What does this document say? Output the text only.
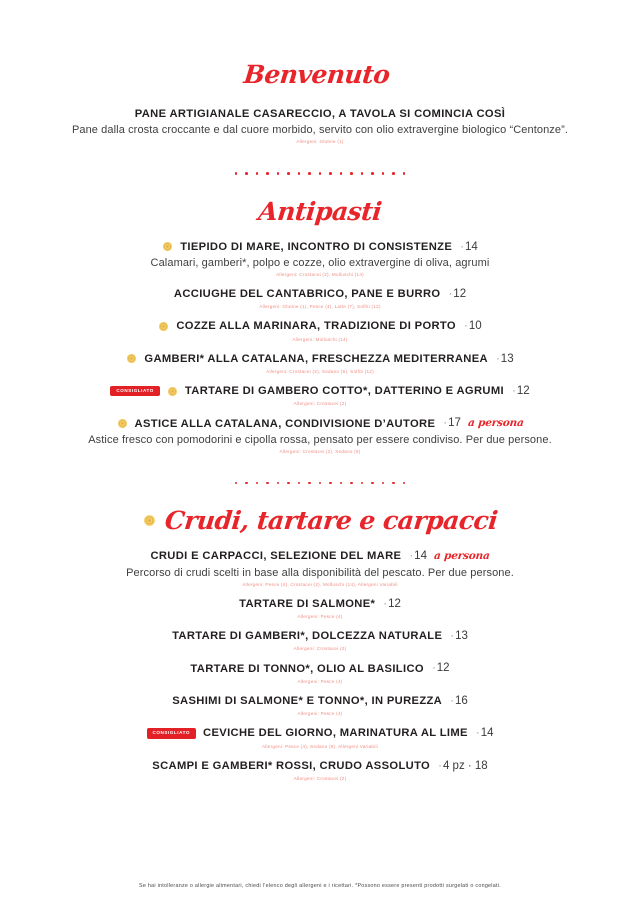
Benvenuto
PANE ARTIGIANALE CASARECCIO, A TAVOLA SI COMINCIA COSÌ
Pane dalla crosta croccante e dal cuore morbido, servito con olio extravergine biologico “Centonze”.
Allergeni: Glutine (1)
Antipasti
TIEPIDO DI MARE, INCONTRO DI CONSISTENZE ·14
Calamari, gamberi*, polpo e cozze, olio extravergine di oliva, agrumi
Allergeni: Crostacei (2), Molluschi (14)
ACCIUGHE DEL CANTABRICO, PANE E BURRO ·12
Allergeni: Glutine (1), Pesce (4), Latte (7), Solfiti (12)
COZZE ALLA MARINARA, TRADIZIONE DI PORTO ·10
Allergeni: Molluschi (14)
GAMBERI* ALLA CATALANA, FRESCHEZZA MEDITERRANEA ·13
Allergeni: Crostacei (2), Sedano (9), Solfiti (12)
CONSIGLIATO	TARTARE DI GAMBERO COTTO*, DATTERINO E AGRUMI ·12
Allergeni: Crostacei (2)
ASTICE ALLA CATALANA, CONDIVISIONE D’AUTORE ·17 a persona
Astice fresco con pomodorini e cipolla rossa, pensato per essere condiviso. Per due persone.
Allergeni: Crostacei (2), Sedano (9)
Crudi, tartare e carpacci
CRUDI E CARPACCI, SELEZIONE DEL MARE ·14 a persona
Percorso di crudi scelti in base alla disponibilità del pescato. Per due persone.
Allergeni: Pesce (4), Crostacei (2), Molluschi (14), Allergeni Variabili
TARTARE DI SALMONE* ·12
Allergeni: Pesce (4)
TARTARE DI GAMBERI*, DOLCEZZA NATURALE ·13
Allergeni: Crostacei (2)
TARTARE DI TONNO*, OLIO AL BASILICO ·12
Allergeni: Pesce (4)
SASHIMI DI SALMONE* E TONNO*, IN PUREZZA ·16
Allergeni: Pesce (4)
CONSIGLIATO	CEVICHE DEL GIORNO, MARINATURA AL LIME ·14
Allergeni: Pesce (4), Sedano (9), Allergeni Variabili
SCAMPI E GAMBERI* ROSSI, CRUDO ASSOLUTO ·4 pz · 18
Allergeni: Crostacei (2)
Se hai intolleranze o allergie alimentari, chiedi l’elenco degli allergeni e i ricettari. *Possono essere presenti prodotti surgelati o congelati.
